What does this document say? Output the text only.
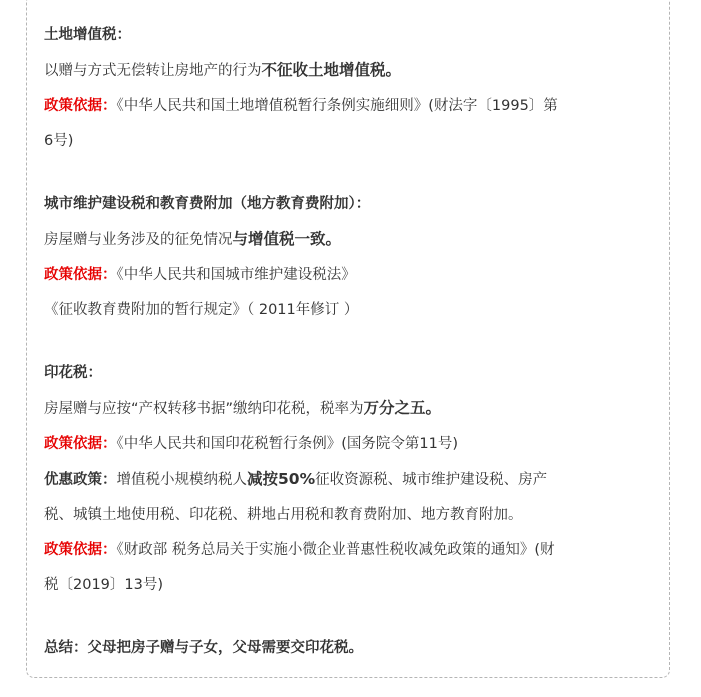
土地增值税：

以赠与方式无偿转让房地产的行为不征收土地增值税。

政策依据：《中华人民共和国土地增值税暂行条例实施细则》(财法字〔1995〕第

6号)

城市维护建设税和教育费附加（地方教育费附加）：

房屋赠与业务涉及的征免情况与增值税一致。

政策依据：《中华人民共和国城市维护建设税法》

《征收教育费附加的暂行规定》（ 2011年修订 ）

印花税：

房屋赠与应按“产权转移书据”缴纳印花税，税率为万分之五。

政策依据：《中华人民共和国印花税暂行条例》(国务院令第11号)

优惠政策：增值税小规模纳税人减按50%征收资源税、城市维护建设税、房产

税、城镇土地使用税、印花税、耕地占用税和教育费附加、地方教育附加。

政策依据：《财政部 税务总局关于实施小微企业普惠性税收减免政策的通知》(财

税〔2019〕13号)

总结：父母把房子赠与子女，父母需要交印花税。
